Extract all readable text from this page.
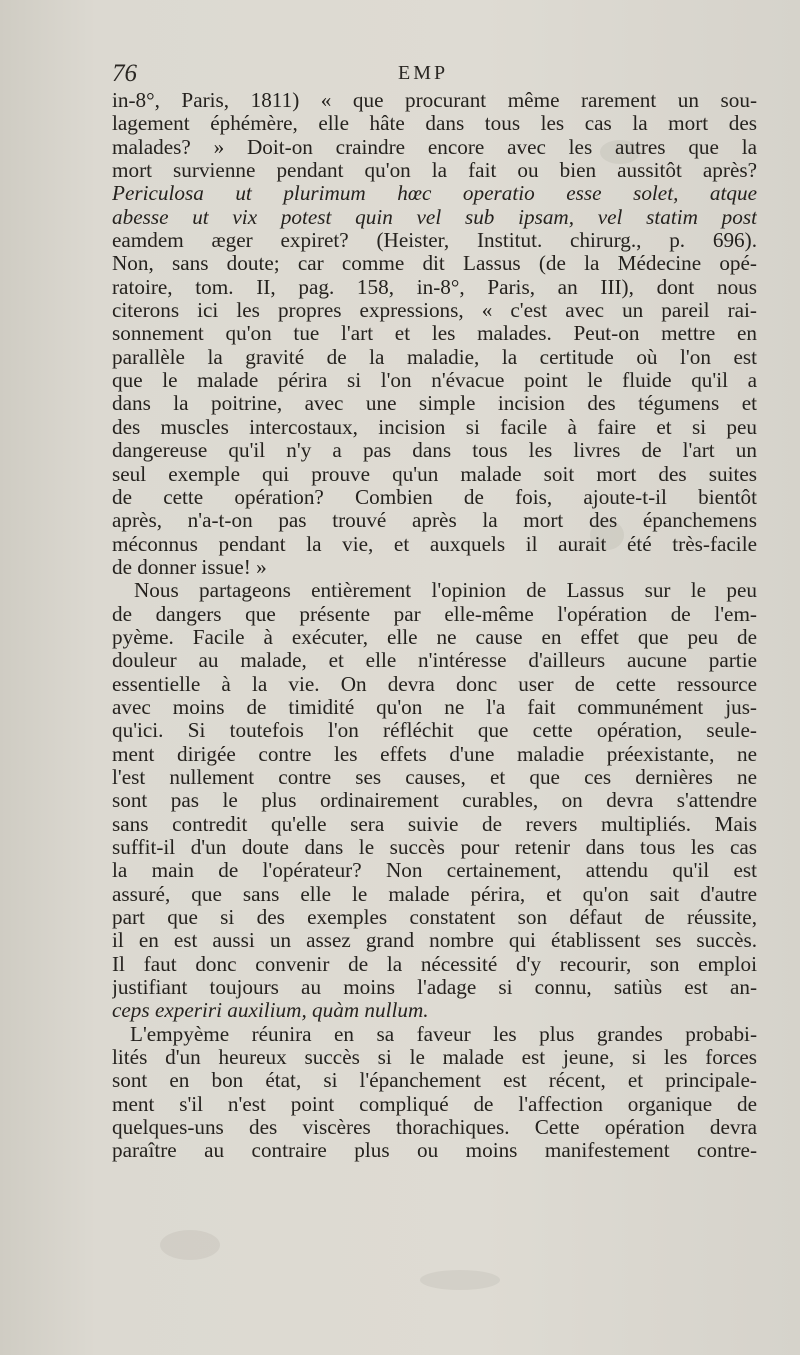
76	EMP
in-8°, Paris, 1811) « que procurant même rarement un sou-
lagement éphémère, elle hâte dans tous les cas la mort des
malades? » Doit-on craindre encore avec les autres que la
mort survienne pendant qu'on la fait ou bien aussitôt après?
Periculosa ut plurimum hœc operatio esse solet, atque
abesse ut vix potest quin vel sub ipsam, vel statim post
eamdem æger expiret? (Heister, Institut. chirurg., p. 696).
Non, sans doute; car comme dit Lassus (de la Médecine opé-
ratoire, tom. II, pag. 158, in-8°, Paris, an III), dont nous
citerons ici les propres expressions, « c'est avec un pareil rai-
sonnement qu'on tue l'art et les malades. Peut-on mettre en
parallèle la gravité de la maladie, la certitude où l'on est
que le malade périra si l'on n'évacue point le fluide qu'il a
dans la poitrine, avec une simple incision des tégumens et
des muscles intercostaux, incision si facile à faire et si peu
dangereuse qu'il n'y a pas dans tous les livres de l'art un
seul exemple qui prouve qu'un malade soit mort des suites
de cette opération? Combien de fois, ajoute-t-il bientôt
après, n'a-t-on pas trouvé après la mort des épanchemens
méconnus pendant la vie, et auxquels il aurait été très-facile
de donner issue! »
Nous partageons entièrement l'opinion de Lassus sur le peu
de dangers que présente par elle-même l'opération de l'em-
pyème. Facile à exécuter, elle ne cause en effet que peu de
douleur au malade, et elle n'intéresse d'ailleurs aucune partie
essentielle à la vie. On devra donc user de cette ressource
avec moins de timidité qu'on ne l'a fait communément jus-
qu'ici. Si toutefois l'on réfléchit que cette opération, seule-
ment dirigée contre les effets d'une maladie préexistante, ne
l'est nullement contre ses causes, et que ces dernières ne
sont pas le plus ordinairement curables, on devra s'attendre
sans contredit qu'elle sera suivie de revers multipliés. Mais
suffit-il d'un doute dans le succès pour retenir dans tous les cas
la main de l'opérateur? Non certainement, attendu qu'il est
assuré, que sans elle le malade périra, et qu'on sait d'autre
part que si des exemples constatent son défaut de réussite,
il en est aussi un assez grand nombre qui établissent ses succès.
Il faut donc convenir de la nécessité d'y recourir, son emploi
justifiant toujours au moins l'adage si connu, satiùs est an-
ceps experiri auxilium, quàm nullum.
L'empyème réunira en sa faveur les plus grandes probabi-
lités d'un heureux succès si le malade est jeune, si les forces
sont en bon état, si l'épanchement est récent, et principale-
ment s'il n'est point compliqué de l'affection organique de
quelques-uns des viscères thorachiques. Cette opération devra
paraître au contraire plus ou moins manifestement contre-
